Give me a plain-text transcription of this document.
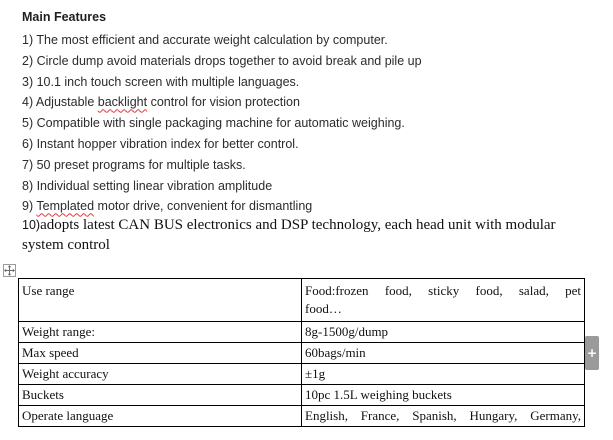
Main Features
1) The most efficient and accurate weight calculation by computer.
2) Circle dump avoid materials drops together to avoid break and pile up
3) 10.1 inch touch screen with multiple languages.
4) Adjustable backlight control for vision protection
5) Compatible with single packaging machine for automatic weighing.
6) Instant hopper vibration index for better control.
7) 50 preset programs for multiple tasks.
8) Individual setting linear vibration amplitude
9) Templated motor drive, convenient for dismantling
10)adopts latest CAN BUS electronics and DSP technology, each head unit with modular system control
Use range	Food:frozen food, sticky food, salad, pet
food…
Weight range:	8g-1500g/dump
Max speed	60bags/min
Weight accuracy	±1g
Buckets	10pc 1.5L weighing buckets
Operate language	English, France, Spanish, Hungary, Germany,
+
